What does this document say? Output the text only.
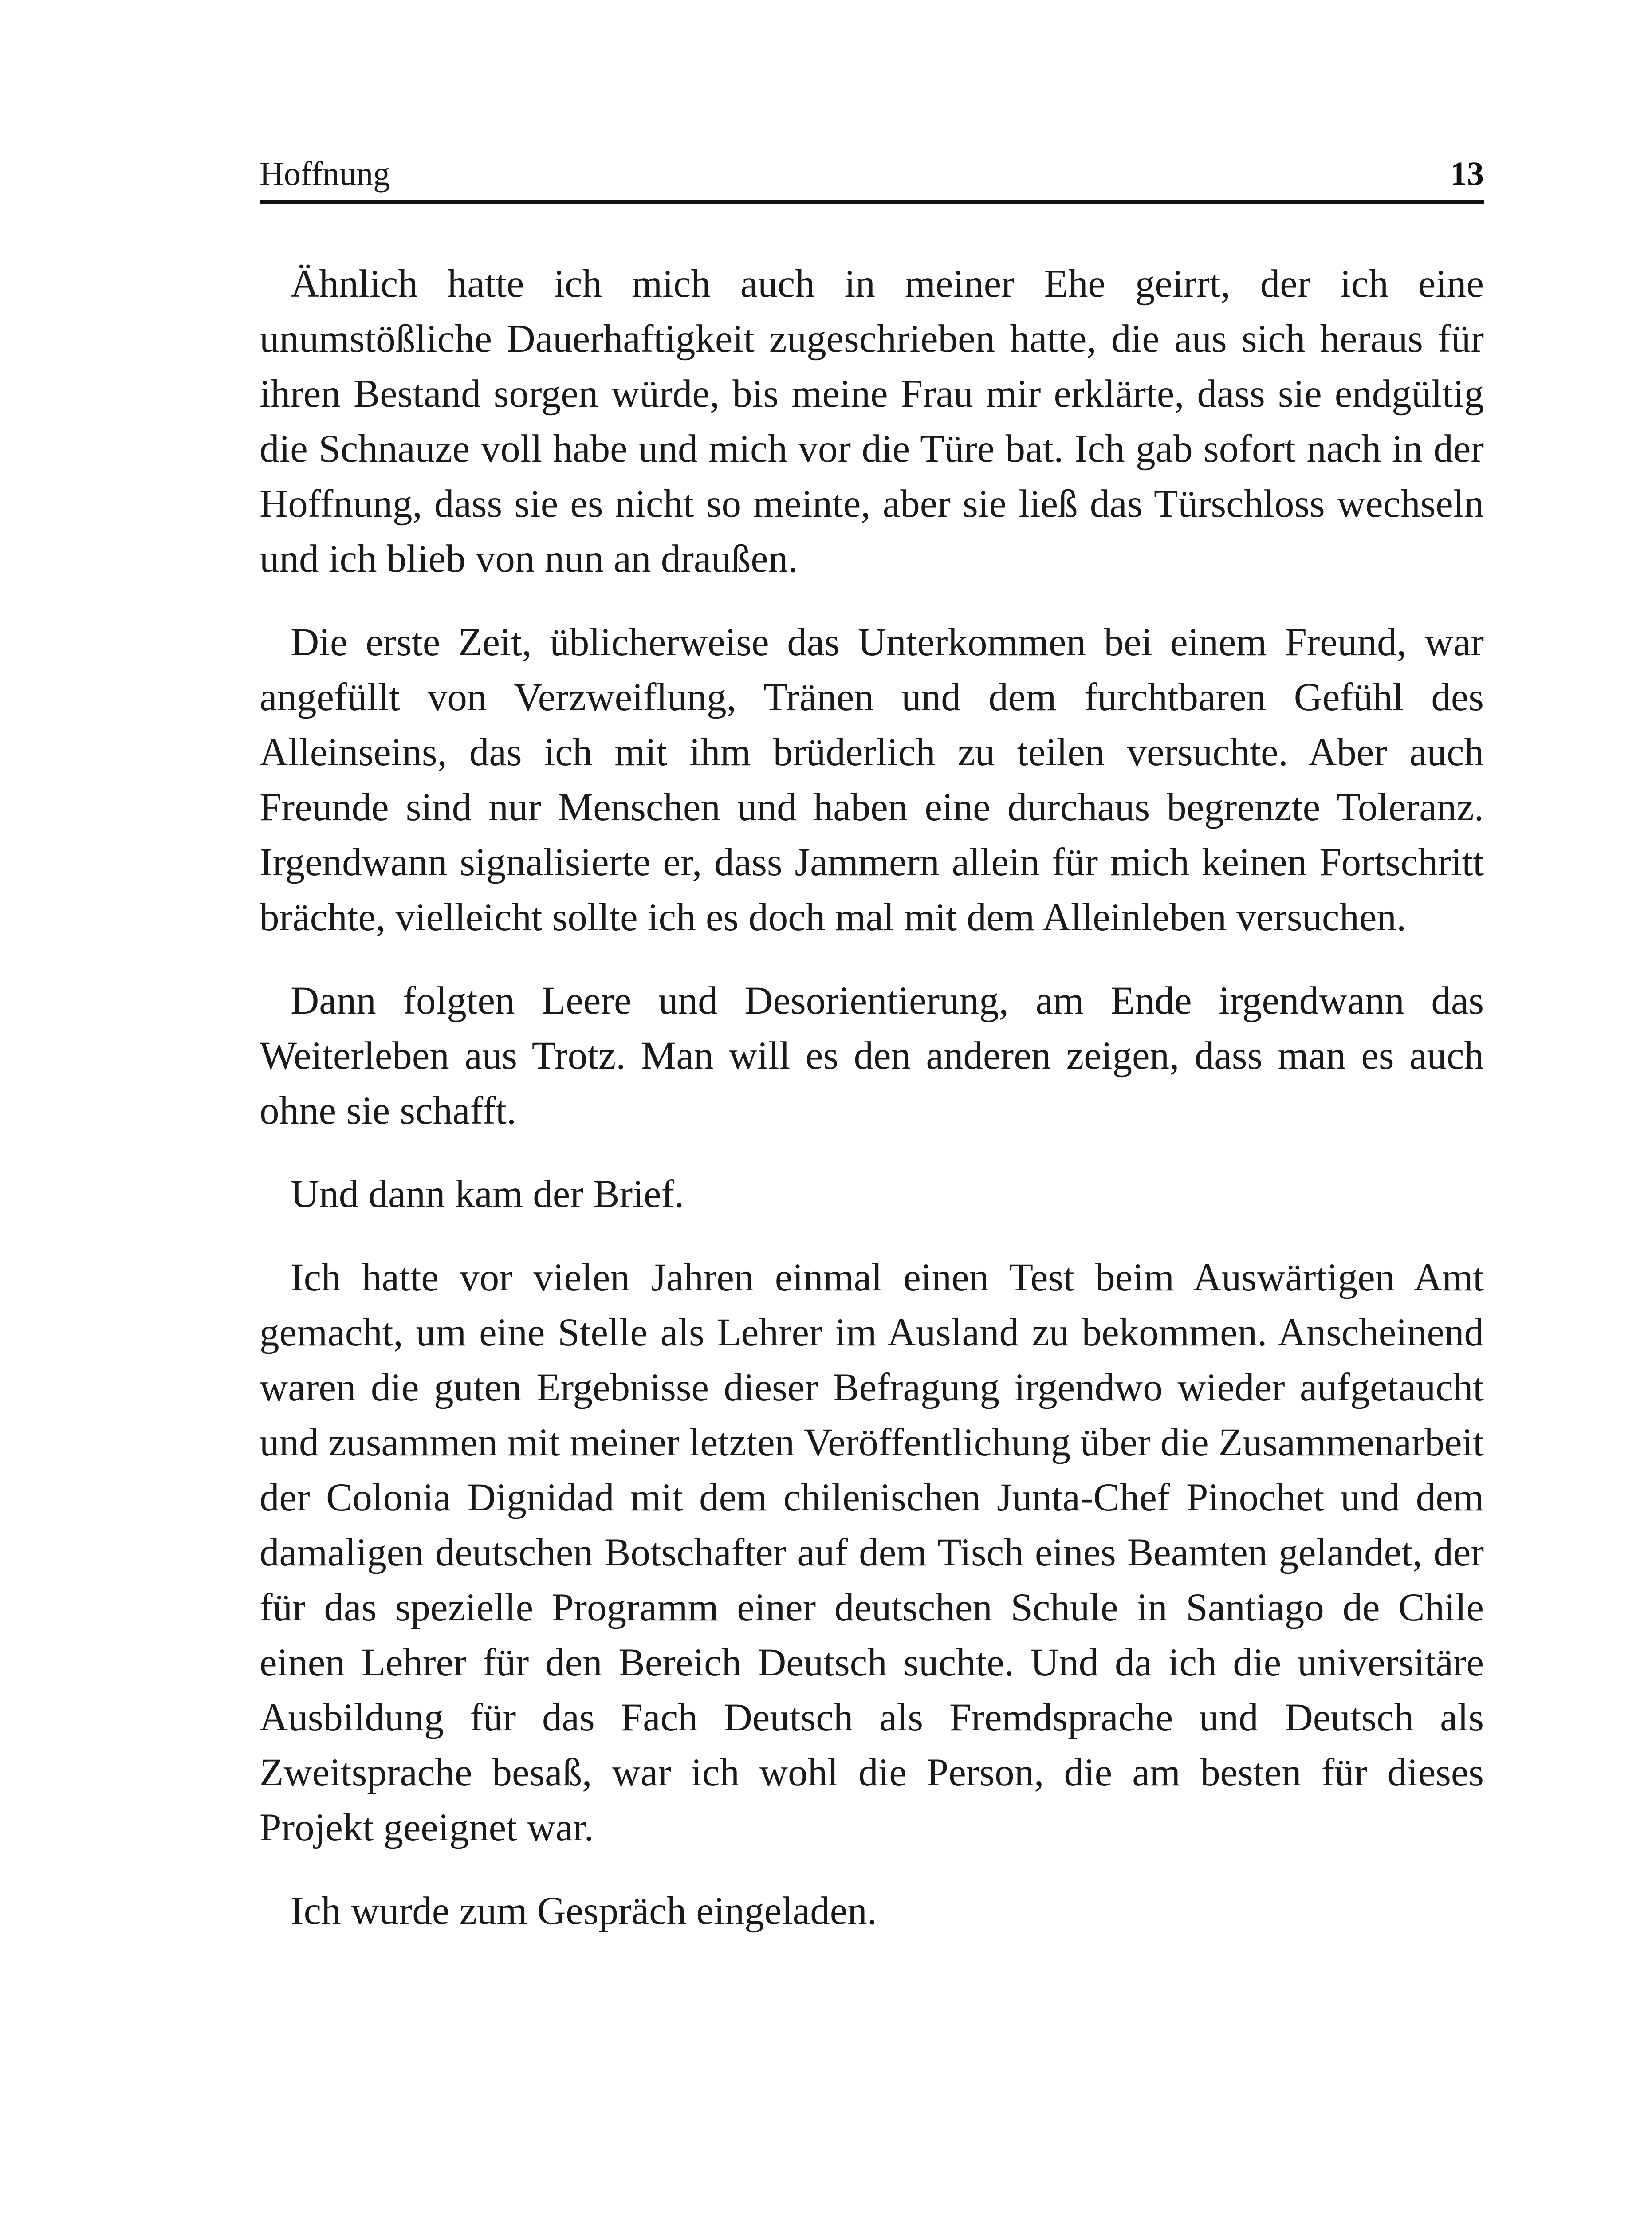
Hoffnung	13

Ähnlich hatte ich mich auch in meiner Ehe geirrt, der ich eine unumstößliche Dauerhaftigkeit zugeschrieben hatte, die aus sich heraus für ihren Bestand sorgen würde, bis meine Frau mir erklärte, dass sie endgültig die Schnauze voll habe und mich vor die Türe bat. Ich gab sofort nach in der Hoffnung, dass sie es nicht so meinte, aber sie ließ das Türschloss wechseln und ich blieb von nun an draußen.

Die erste Zeit, üblicherweise das Unterkommen bei einem Freund, war angefüllt von Verzweiflung, Tränen und dem furchtbaren Gefühl des Alleinseins, das ich mit ihm brüderlich zu teilen versuchte. Aber auch Freunde sind nur Menschen und haben eine durchaus begrenzte Toleranz. Irgendwann signalisierte er, dass Jammern allein für mich keinen Fortschritt brächte, vielleicht sollte ich es doch mal mit dem Alleinleben versuchen.

Dann folgten Leere und Desorientierung, am Ende irgendwann das Weiterleben aus Trotz. Man will es den anderen zeigen, dass man es auch ohne sie schafft.

Und dann kam der Brief.

Ich hatte vor vielen Jahren einmal einen Test beim Auswärtigen Amt gemacht, um eine Stelle als Lehrer im Ausland zu bekommen. Anscheinend waren die guten Ergebnisse dieser Befragung irgendwo wieder aufgetaucht und zusammen mit meiner letzten Veröffentlichung über die Zusammenarbeit der Colonia Dignidad mit dem chilenischen Junta-Chef Pinochet und dem damaligen deutschen Botschafter auf dem Tisch eines Beamten gelandet, der für das spezielle Programm einer deutschen Schule in Santiago de Chile einen Lehrer für den Bereich Deutsch suchte. Und da ich die universitäre Ausbildung für das Fach Deutsch als Fremdsprache und Deutsch als Zweitsprache besaß, war ich wohl die Person, die am besten für dieses Projekt geeignet war.

Ich wurde zum Gespräch eingeladen.
